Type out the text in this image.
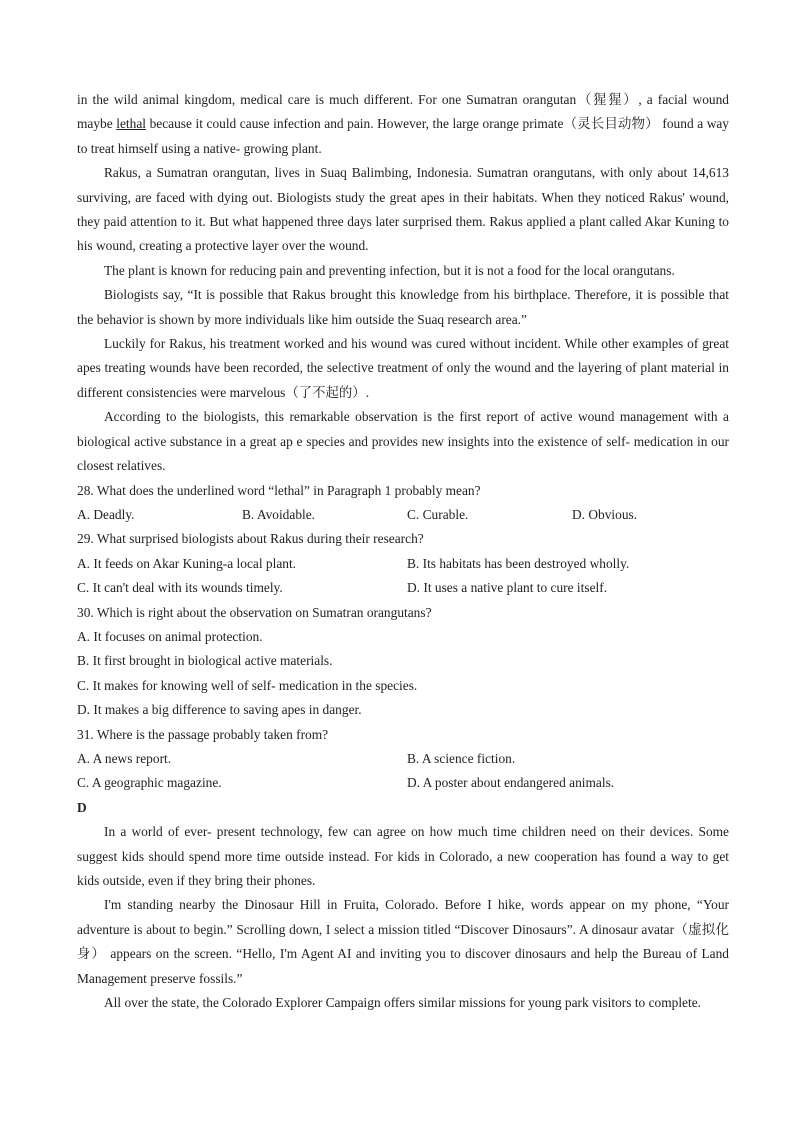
in the wild animal kingdom, medical care is much different. For one Sumatran orangutan（猩猩）, a facial wound maybe lethal because it could cause infection and pain. However, the large orange primate（灵长目动物） found a way to treat himself using a native- growing plant.

Rakus, a Sumatran orangutan, lives in Suaq Balimbing, Indonesia. Sumatran orangutans, with only about 14,613 surviving, are faced with dying out. Biologists study the great apes in their habitats. When they noticed Rakus' wound, they paid attention to it. But what happened three days later surprised them. Rakus applied a plant called Akar Kuning to his wound, creating a protective layer over the wound.

The plant is known for reducing pain and preventing infection, but it is not a food for the local orangutans.

Biologists say, “It is possible that Rakus brought this knowledge from his birthplace. Therefore, it is possible that the behavior is shown by more individuals like him outside the Suaq research area.”

Luckily for Rakus, his treatment worked and his wound was cured without incident. While other examples of great apes treating wounds have been recorded, the selective treatment of only the wound and the layering of plant material in different consistencies were marvelous（了不起的）.

According to the biologists, this remarkable observation is the first report of active wound management with a biological active substance in a great ap e species and provides new insights into the existence of self- medication in our closest relatives.

28. What does the underlined word “lethal” in Paragraph 1 probably mean?

A. Deadly.	B. Avoidable.	C. Curable.	D. Obvious.

29. What surprised biologists about Rakus during their research?

A. It feeds on Akar Kuning-a local plant.	B. Its habitats has been destroyed wholly.
C. It can't deal with its wounds timely.	D. It uses a native plant to cure itself.

30. Which is right about the observation on Sumatran orangutans?

A. It focuses on animal protection.

B. It first brought in biological active materials.

C. It makes for knowing well of self- medication in the species.

D. It makes a big difference to saving apes in danger.

31. Where is the passage probably taken from?

A. A news report.	B. A science fiction.
C. A geographic magazine.	D. A poster about endangered animals.

D

In a world of ever- present technology, few can agree on how much time children need on their devices. Some suggest kids should spend more time outside instead. For kids in Colorado, a new cooperation has found a way to get kids outside, even if they bring their phones.

I'm standing nearby the Dinosaur Hill in Fruita, Colorado. Before I hike, words appear on my phone, “Your adventure is about to begin.” Scrolling down, I select a mission titled “Discover Dinosaurs”. A dinosaur avatar（虚拟化身） appears on the screen. “Hello, I'm Agent AI and inviting you to discover dinosaurs and help the Bureau of Land Management preserve fossils.”

All over the state, the Colorado Explorer Campaign offers similar missions for young park visitors to complete.
